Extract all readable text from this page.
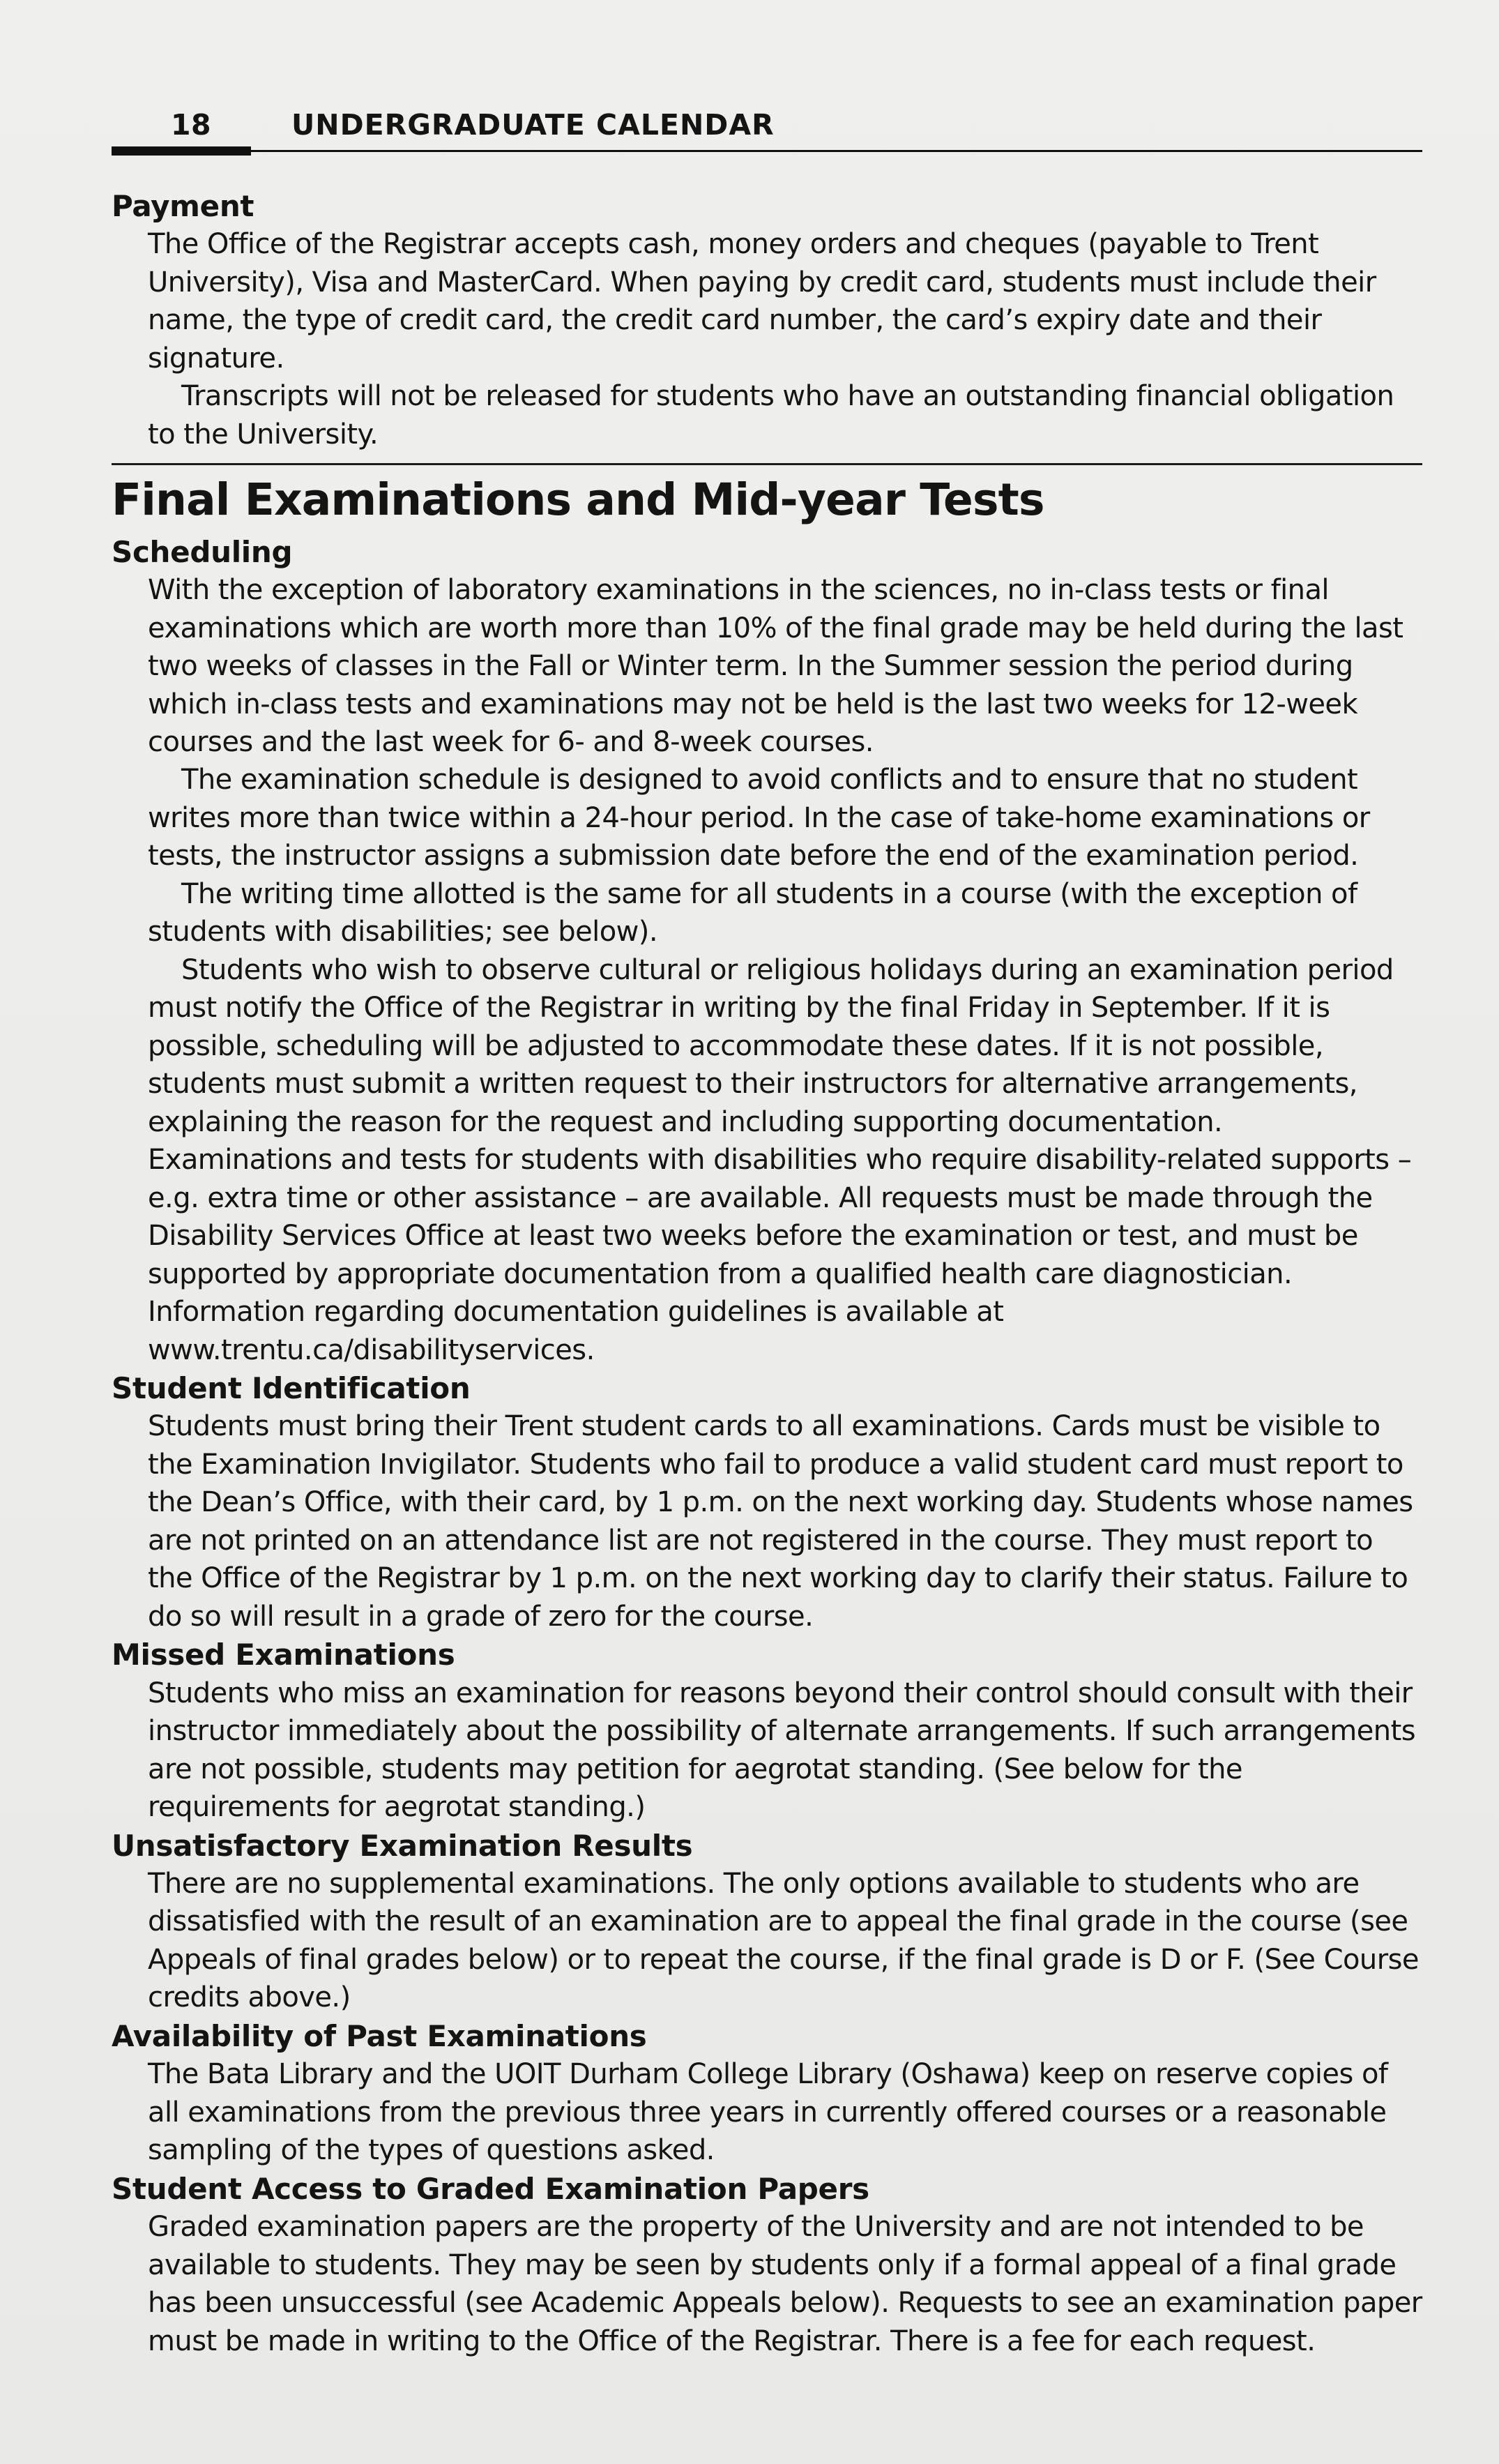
18	UNDERGRADUATE CALENDAR
Payment

The Office of the Registrar accepts cash, money orders and cheques (payable to Trent University), Visa and MasterCard. When paying by credit card, students must include their name, the type of credit card, the credit card number, the card’s expiry date and their signature.

Transcripts will not be released for students who have an outstanding financial obligation to the University.

Final Examinations and Mid-year Tests
Scheduling

With the exception of laboratory examinations in the sciences, no in-class tests or final examinations which are worth more than 10% of the final grade may be held during the last two weeks of classes in the Fall or Winter term. In the Summer session the period during which in-class tests and examinations may not be held is the last two weeks for 12-week courses and the last week for 6- and 8-week courses.

The examination schedule is designed to avoid conflicts and to ensure that no student writes more than twice within a 24-hour period. In the case of take-home examinations or tests, the instructor assigns a submission date before the end of the examination period.

The writing time allotted is the same for all students in a course (with the exception of students with disabilities; see below).

Students who wish to observe cultural or religious holidays during an examination period must notify the Office of the Registrar in writing by the final Friday in September. If it is possible, scheduling will be adjusted to accommodate these dates. If it is not possible, students must submit a written request to their instructors for alternative arrangements, explaining the reason for the request and including supporting documentation.

Examinations and tests for students with disabilities who require disability-related supports – e.g. extra time or other assistance – are available. All requests must be made through the Disability Services Office at least two weeks before the examination or test, and must be supported by appropriate documentation from a qualified health care diagnostician. Information regarding documentation guidelines is available at www.trentu.ca/disabilityservices.

Student Identification

Students must bring their Trent student cards to all examinations. Cards must be visible to the Examination Invigilator. Students who fail to produce a valid student card must report to the Dean’s Office, with their card, by 1 p.m. on the next working day. Students whose names are not printed on an attendance list are not registered in the course. They must report to the Office of the Registrar by 1 p.m. on the next working day to clarify their status. Failure to do so will result in a grade of zero for the course.

Missed Examinations

Students who miss an examination for reasons beyond their control should consult with their instructor immediately about the possibility of alternate arrangements. If such arrangements are not possible, students may petition for aegrotat standing. (See below for the requirements for aegrotat standing.)

Unsatisfactory Examination Results

There are no supplemental examinations. The only options available to students who are dissatisfied with the result of an examination are to appeal the final grade in the course (see Appeals of final grades below) or to repeat the course, if the final grade is D or F. (See Course credits above.)

Availability of Past Examinations

The Bata Library and the UOIT Durham College Library (Oshawa) keep on reserve copies of all examinations from the previous three years in currently offered courses or a reasonable sampling of the types of questions asked.

Student Access to Graded Examination Papers

Graded examination papers are the property of the University and are not intended to be available to students. They may be seen by students only if a formal appeal of a final grade has been unsuccessful (see Academic Appeals below). Requests to see an examination paper must be made in writing to the Office of the Registrar. There is a fee for each request.
